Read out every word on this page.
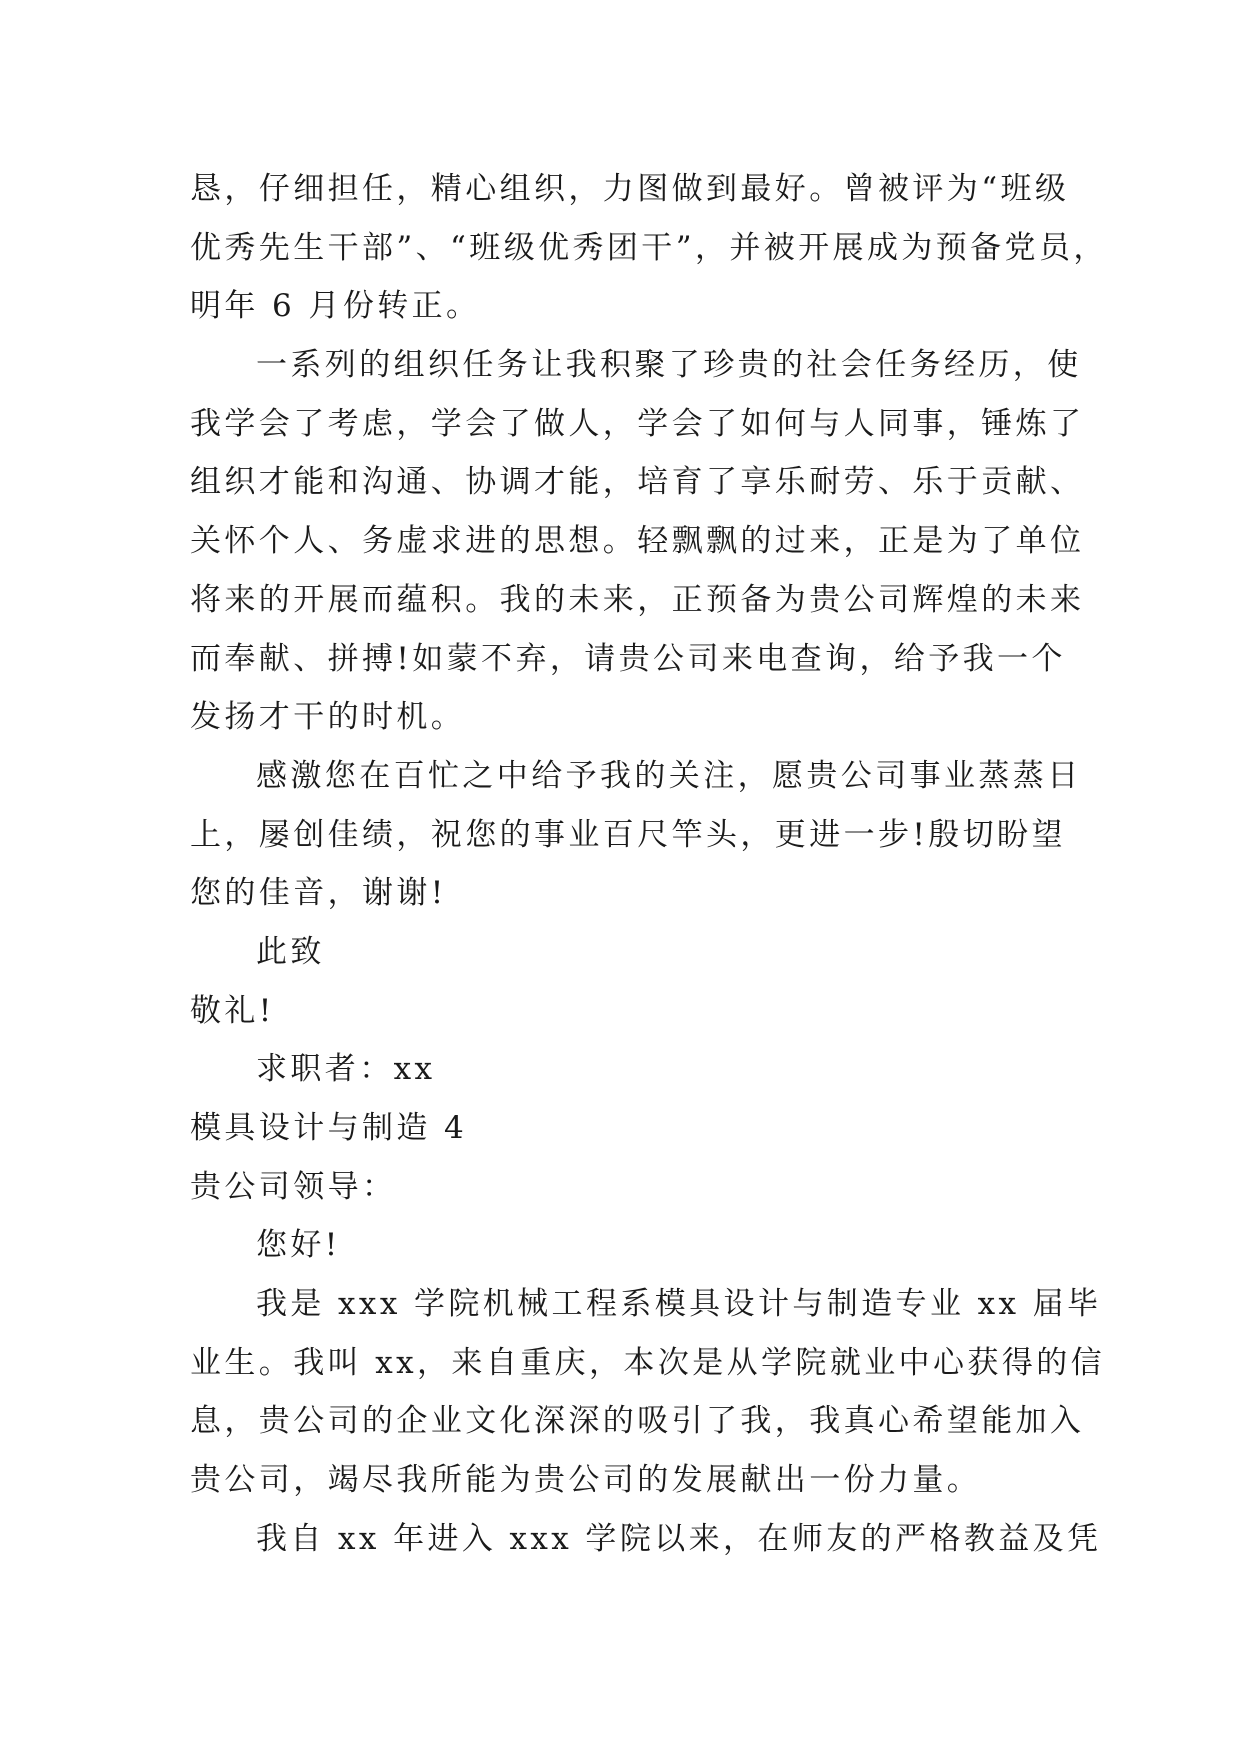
恳，仔细担任，精心组织，力图做到最好。曾被评为“班级
优秀先生干部”、“班级优秀团干”，并被开展成为预备党员，
明年 6 月份转正。
一系列的组织任务让我积聚了珍贵的社会任务经历，使
我学会了考虑，学会了做人，学会了如何与人同事，锤炼了
组织才能和沟通、协调才能，培育了享乐耐劳、乐于贡献、
关怀个人、务虚求进的思想。轻飘飘的过来，正是为了单位
将来的开展而蕴积。我的未来，正预备为贵公司辉煌的未来
而奉献、拼搏!如蒙不弃，请贵公司来电查询，给予我一个
发扬才干的时机。
感激您在百忙之中给予我的关注，愿贵公司事业蒸蒸日
上，屡创佳绩，祝您的事业百尺竿头，更进一步!殷切盼望
您的佳音，谢谢!
此致
敬礼!
求职者：xx
模具设计与制造 4
贵公司领导：
您好!
我是 xxx 学院机械工程系模具设计与制造专业 xx 届毕
业生。我叫 xx，来自重庆，本次是从学院就业中心获得的信
息，贵公司的企业文化深深的吸引了我，我真心希望能加入
贵公司，竭尽我所能为贵公司的发展献出一份力量。
我自 xx 年进入 xxx 学院以来，在师友的严格教益及凭
